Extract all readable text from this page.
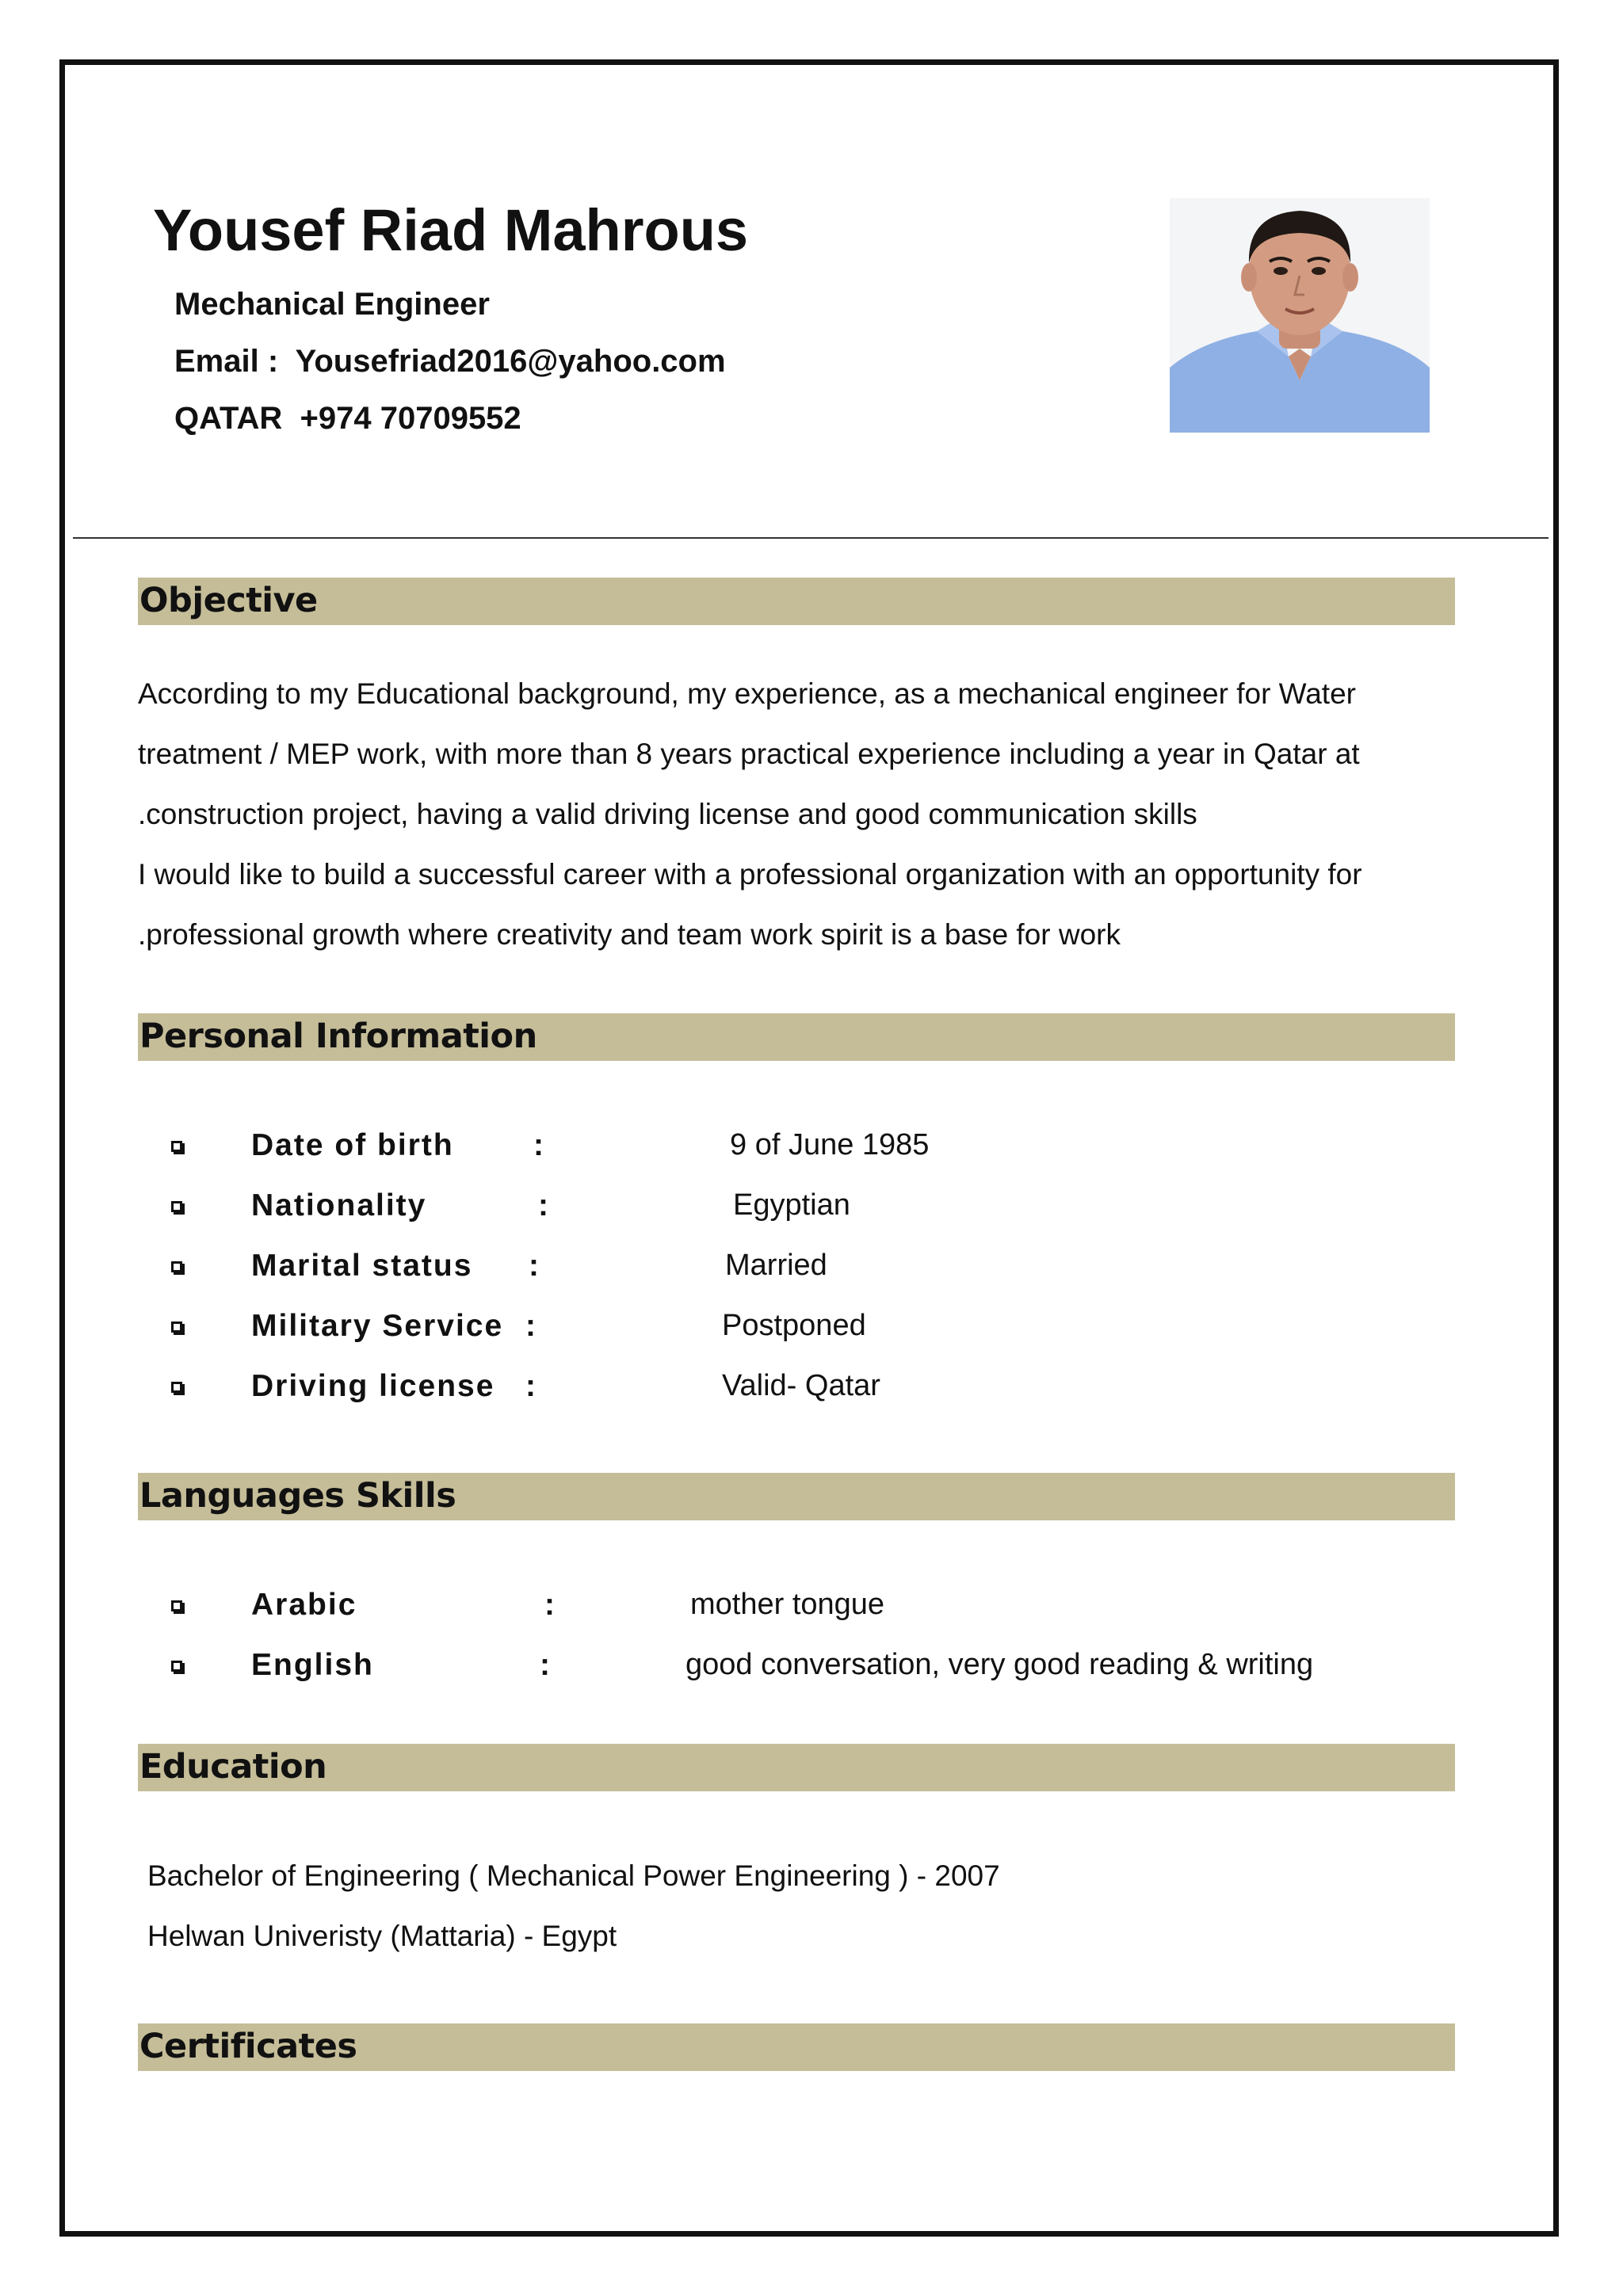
Yousef Riad Mahrous
Mechanical Engineer
Email :  Yousefriad2016@yahoo.com
QATAR  +974 70709552
Objective
According to my Educational background, my experience, as a mechanical engineer for Water
treatment / MEP work, with more than 8 years practical experience including a year in Qatar at
.construction project, having a valid driving license and good communication skills
I would like to build a successful career with a professional organization with an opportunity for
.professional growth where creativity and team work spirit is a base for work
Personal Information
Date of birth	:	9 of June 1985
Nationality	:	Egyptian
Marital status :	Married
Military Service :	Postponed
Driving license :	Valid- Qatar
Languages Skills
Arabic	:	mother tongue
English	:	good conversation, very good reading & writing
Education
Bachelor of Engineering ( Mechanical Power Engineering ) - 2007
Helwan Univeristy (Mattaria) - Egypt
Certificates
